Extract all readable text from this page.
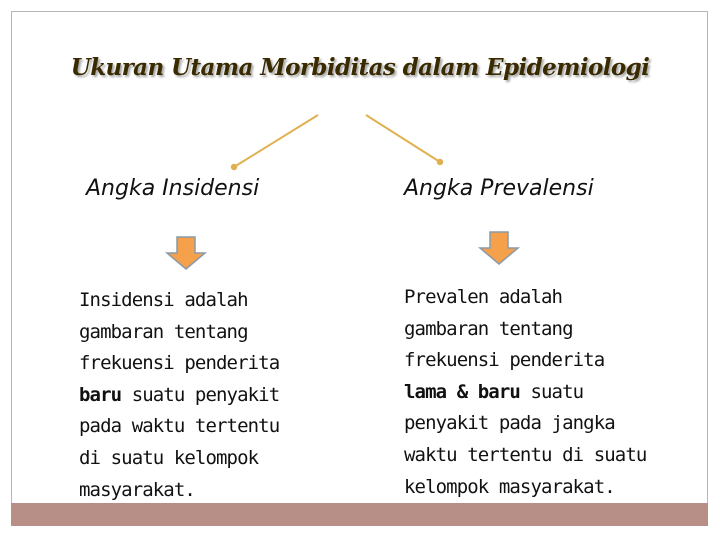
Ukuran Utama Morbiditas dalam Epidemiologi
Angka Insidensi	Angka Prevalensi
Insidensi adalah
gambaran tentang
frekuensi penderita
baru suatu penyakit
pada waktu tertentu
di suatu kelompok
masyarakat.
Prevalen adalah
gambaran tentang
frekuensi penderita
lama & baru suatu
penyakit pada jangka
waktu tertentu di suatu
kelompok masyarakat.
